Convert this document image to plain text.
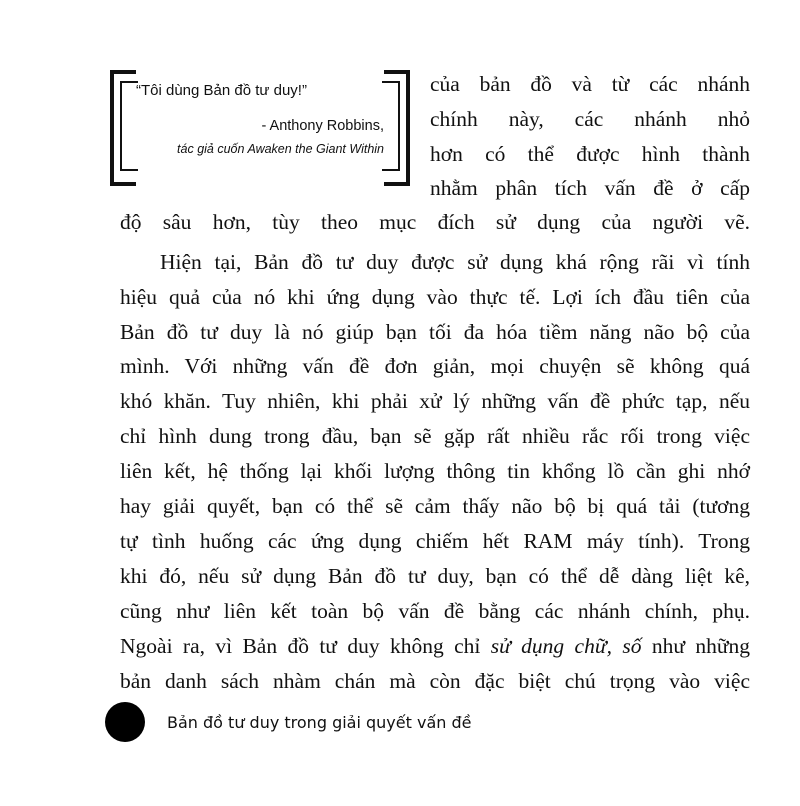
“Tôi dùng Bản đồ tư duy!”
- Anthony Robbins,
tác giả cuốn Awaken the Giant Within
của bản đồ và từ các nhánh
chính này, các nhánh nhỏ
hơn có thể được hình thành
nhằm phân tích vấn đề ở cấp
độ sâu hơn, tùy theo mục đích sử dụng của người vẽ.
Hiện tại, Bản đồ tư duy được sử dụng khá rộng rãi vì tính
hiệu quả của nó khi ứng dụng vào thực tế. Lợi ích đầu tiên của
Bản đồ tư duy là nó giúp bạn tối đa hóa tiềm năng não bộ của
mình. Với những vấn đề đơn giản, mọi chuyện sẽ không quá
khó khăn. Tuy nhiên, khi phải xử lý những vấn đề phức tạp, nếu
chỉ hình dung trong đầu, bạn sẽ gặp rất nhiều rắc rối trong việc
liên kết, hệ thống lại khối lượng thông tin khổng lồ cần ghi nhớ
hay giải quyết, bạn có thể sẽ cảm thấy não bộ bị quá tải (tương
tự tình huống các ứng dụng chiếm hết RAM máy tính). Trong
khi đó, nếu sử dụng Bản đồ tư duy, bạn có thể dễ dàng liệt kê,
cũng như liên kết toàn bộ vấn đề bằng các nhánh chính, phụ.
Ngoài ra, vì Bản đồ tư duy không chỉ sử dụng chữ, số như những
bản danh sách nhàm chán mà còn đặc biệt chú trọng vào việc
Bản đồ tư duy trong giải quyết vấn đề
